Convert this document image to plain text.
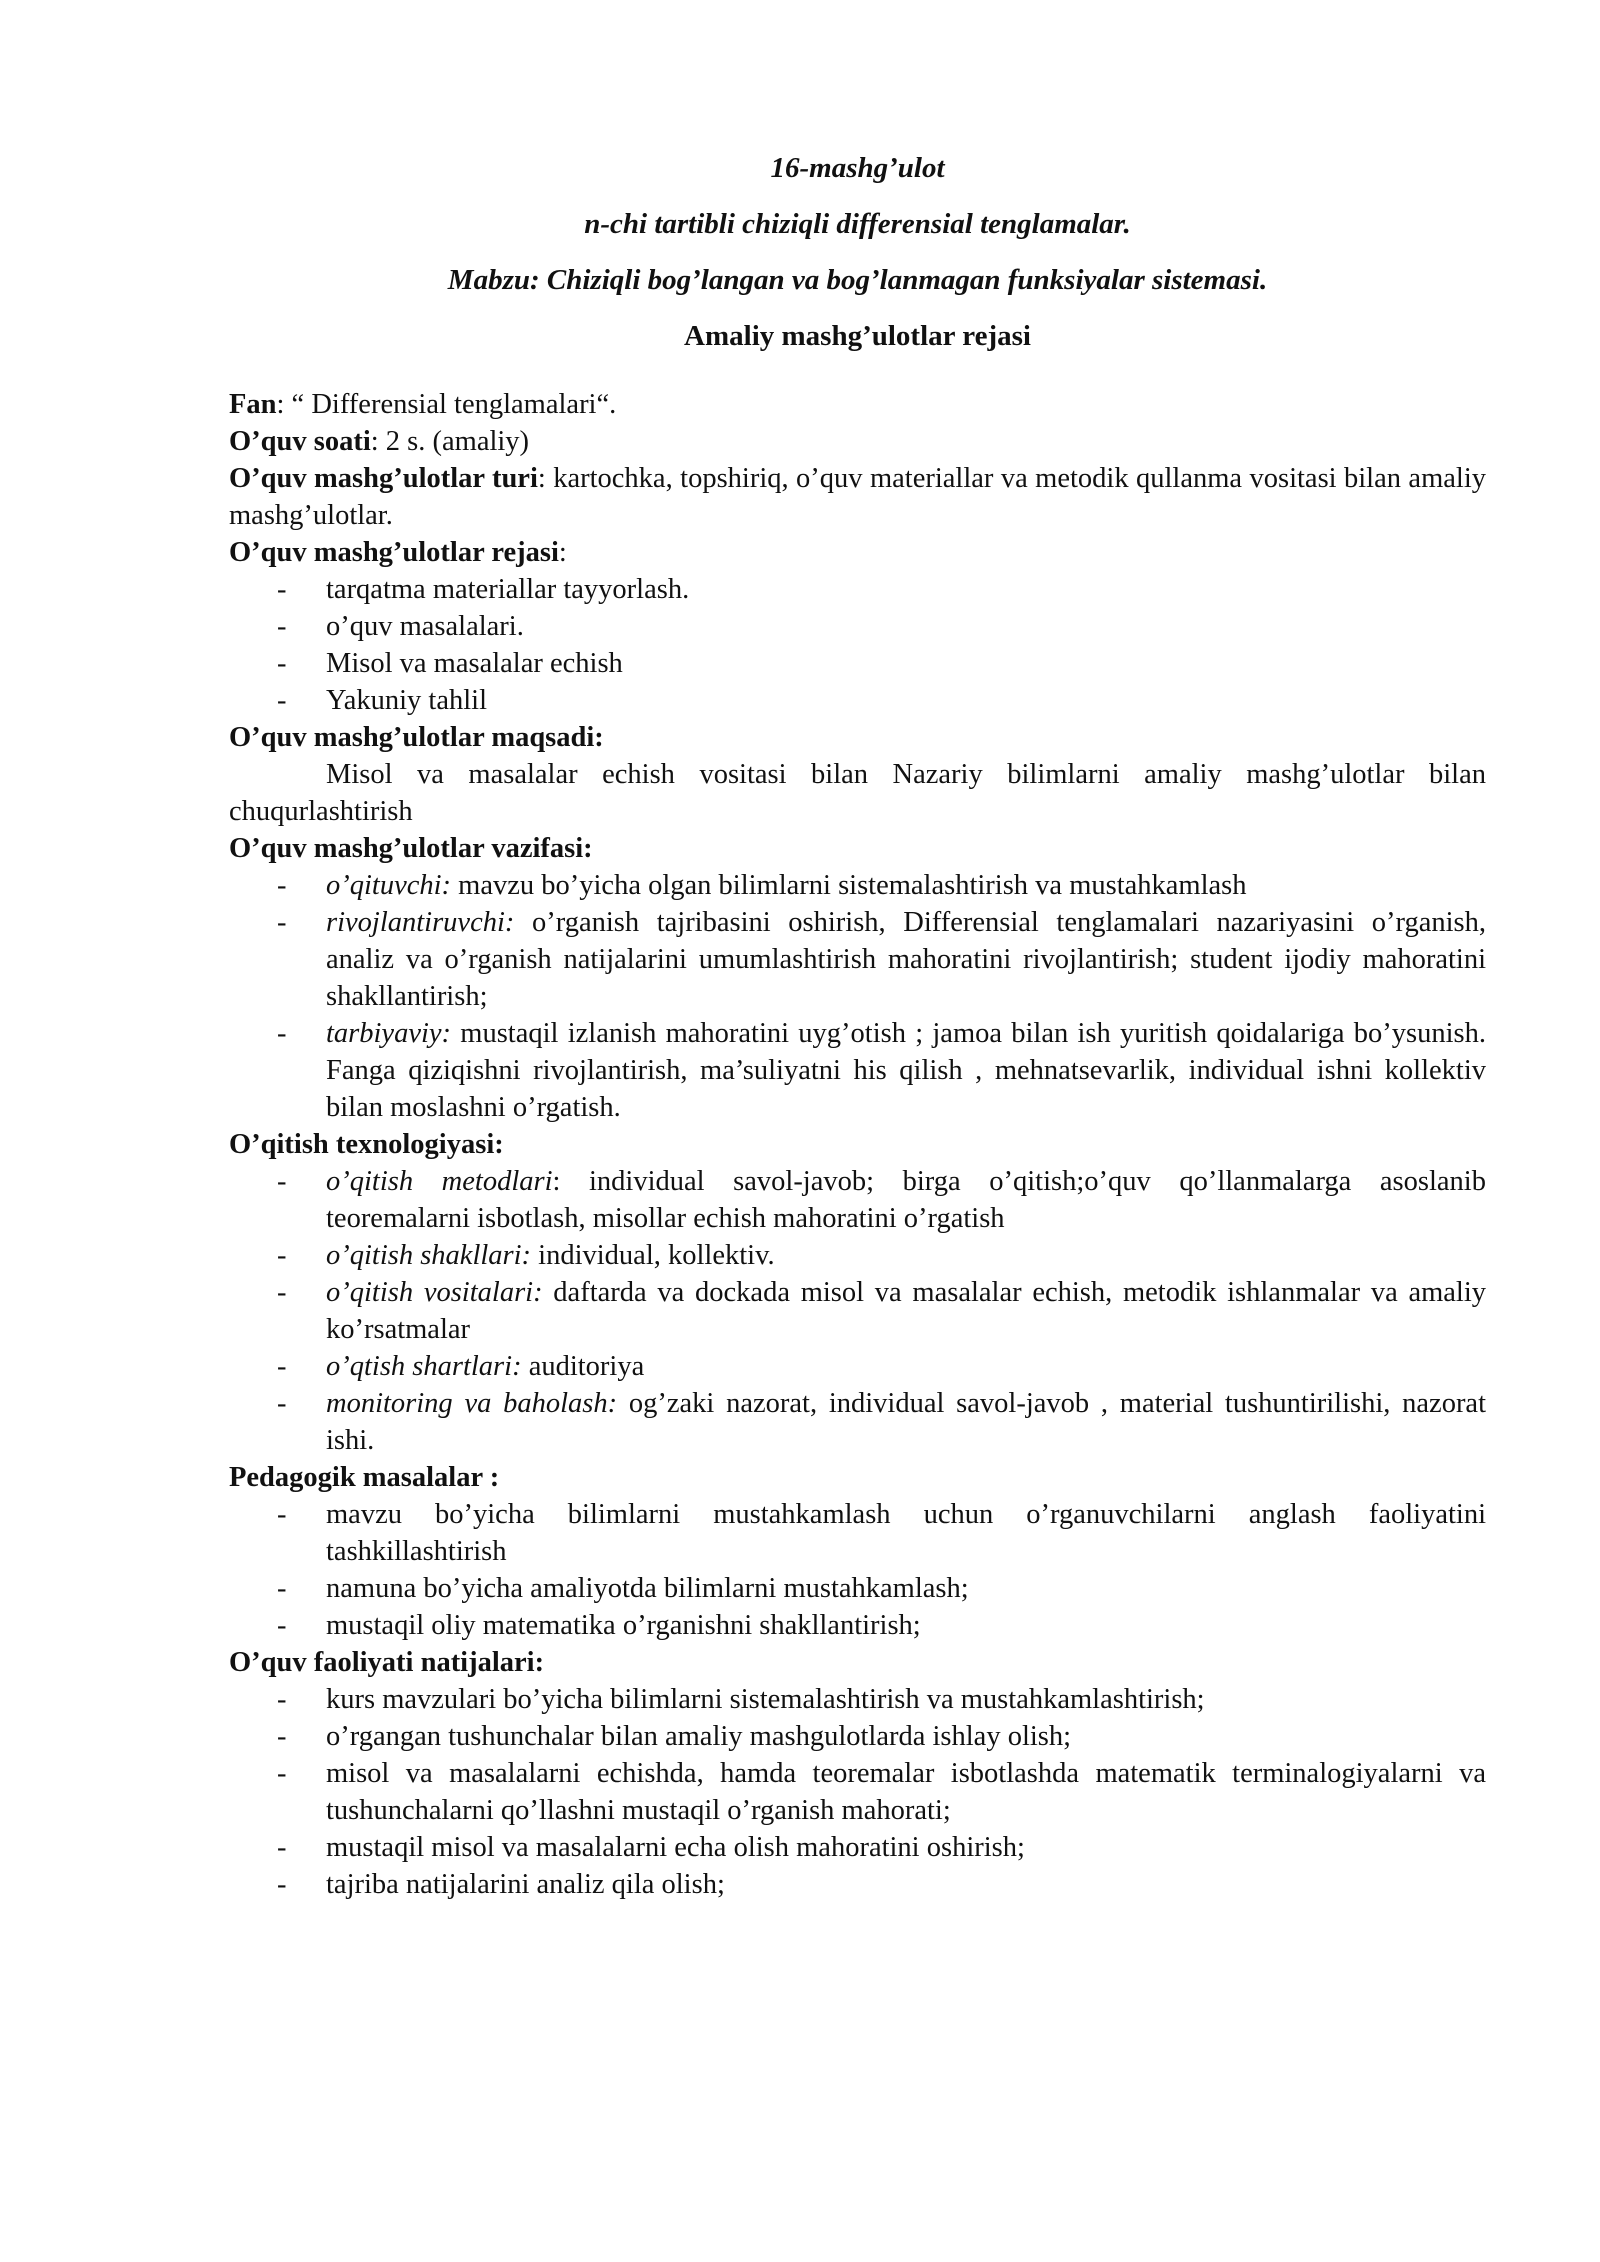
16-mashg’ulot
n-chi tartibli chiziqli differensial tenglamalar.
Mabzu: Chiziqli bog’langan va bog’lanmagan funksiyalar sistemasi.
Amaliy mashg’ulotlar rejasi

Fan: “ Differensial tenglamalari“.

O’quv soati: 2 s. (amaliy)

O’quv mashg’ulotlar turi: kartochka, topshiriq, o’quv materiallar va metodik qullanma vositasi bilan amaliy mashg’ulotlar.

O’quv mashg’ulotlar rejasi:

- tarqatma materiallar tayyorlash.
- o’quv masalalari.
- Misol va masalalar echish
- Yakuniy tahlil

O’quv mashg’ulotlar maqsadi:

Misol va masalalar echish vositasi bilan Nazariy bilimlarni amaliy mashg’ulotlar bilan chuqurlashtirish

O’quv mashg’ulotlar vazifasi:

- o’qituvchi: mavzu bo’yicha olgan bilimlarni sistemalashtirish va mustahkamlash
- rivojlantiruvchi: o’rganish tajribasini oshirish, Differensial tenglamalari nazariyasini o’rganish, analiz va o’rganish natijalarini umumlashtirish mahoratini rivojlantirish; student ijodiy mahoratini shakllantirish;
- tarbiyaviy: mustaqil izlanish mahoratini uyg’otish ; jamoa bilan ish yuritish qoidalariga bo’ysunish. Fanga qiziqishni rivojlantirish, ma’suliyatni his qilish , mehnatsevarlik, individual ishni kollektiv bilan moslashni o’rgatish.

O’qitish texnologiyasi:

- o’qitish metodlari: individual savol-javob; birga o’qitish;o’quv qo’llanmalarga asoslanib teoremalarni isbotlash, misollar echish mahoratini o’rgatish
- o’qitish shakllari: individual, kollektiv.
- o’qitish vositalari: daftarda va dockada misol va masalalar echish, metodik ishlanmalar va amaliy ko’rsatmalar
- o’qtish shartlari: auditoriya
- monitoring va baholash: og’zaki nazorat, individual savol-javob , material tushuntirilishi, nazorat ishi.

Pedagogik masalalar :

- mavzu bo’yicha bilimlarni mustahkamlash uchun o’rganuvchilarni anglash faoliyatini tashkillashtirish
- namuna bo’yicha amaliyotda bilimlarni mustahkamlash;
- mustaqil oliy matematika o’rganishni shakllantirish;

O’quv faoliyati natijalari:

- kurs mavzulari bo’yicha bilimlarni sistemalashtirish va mustahkamlashtirish;
- o’rgangan tushunchalar bilan amaliy mashgulotlarda ishlay olish;
- misol va masalalarni echishda, hamda teoremalar isbotlashda matematik terminalogiyalarni va tushunchalarni qo’llashni mustaqil o’rganish mahorati;
- mustaqil misol va masalalarni echa olish mahoratini oshirish;
- tajriba natijalarini analiz qila olish;
